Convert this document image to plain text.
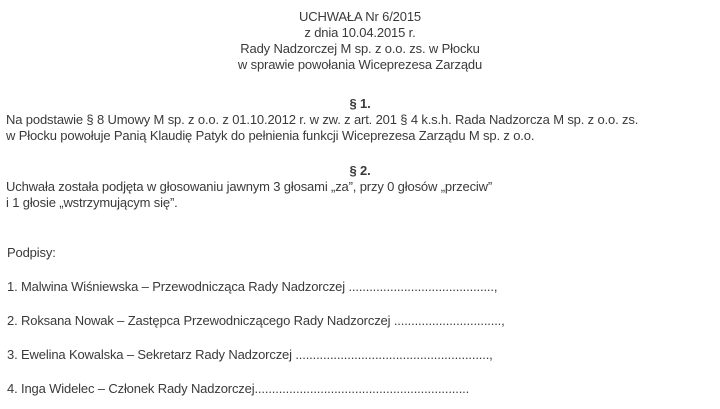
UCHWAŁA Nr 6/2015
z dnia 10.04.2015 r.
Rady Nadzorczej M sp. z o.o. zs. w Płocku
w sprawie powołania Wiceprezesa Zarządu
§ 1.
Na podstawie § 8 Umowy M sp. z o.o. z 01.10.2012 r. w zw. z art. 201 § 4 k.s.h. Rada Nadzorcza M sp. z o.o. zs.
w Płocku powołuje Panią Klaudię Patyk do pełnienia funkcji Wiceprezesa Zarządu M sp. z o.o.
§ 2.
Uchwała została podjęta w głosowaniu jawnym 3 głosami „za”, przy 0 głosów „przeciw”
i 1 głosie „wstrzymującym się”.
Podpisy:
1. Malwina Wiśniewska – Przewodnicząca Rady Nadzorczej ..........................................,
2. Roksana Nowak – Zastępca Przewodniczącego Rady Nadzorczej ...............................,
3. Ewelina Kowalska – Sekretarz Rady Nadzorczej ........................................................,
4. Inga Widelec – Członek Rady Nadzorczej..............................................................
